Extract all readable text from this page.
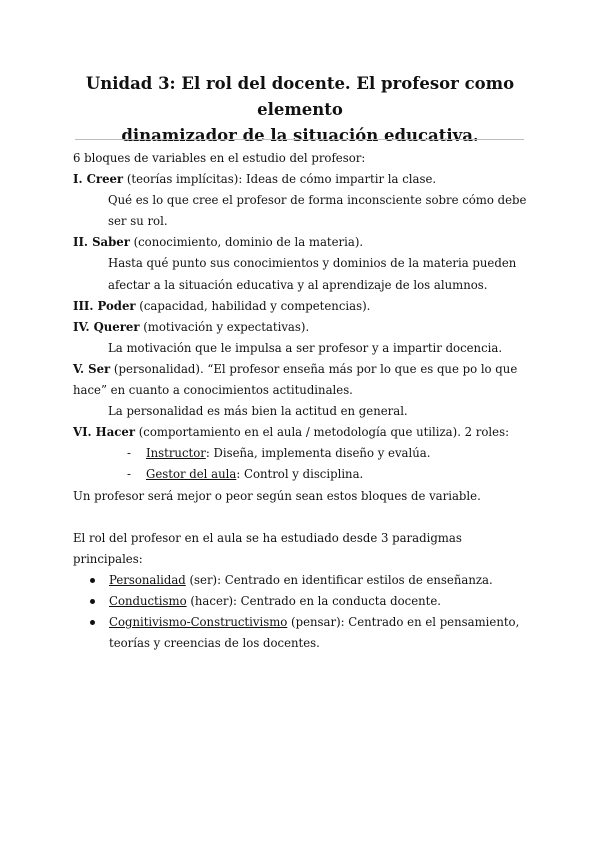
Unidad 3: El rol del docente. El profesor como elemento
dinamizador de la situación educativa.

6 bloques de variables en el estudio del profesor:

I. Creer (teorías implícitas): Ideas de cómo impartir la clase.

Qué es lo que cree el profesor de forma inconsciente sobre cómo debe ser su rol.

II. Saber (conocimiento, dominio de la materia).

Hasta qué punto sus conocimientos y dominios de la materia pueden afectar a la situación educativa y al aprendizaje de los alumnos.

III. Poder (capacidad, habilidad y competencias).

IV. Querer (motivación y expectativas).

La motivación que le impulsa a ser profesor y a impartir docencia.

V. Ser (personalidad). “El profesor enseña más por lo que es que po lo que hace” en cuanto a conocimientos actitudinales.

La personalidad es más bien la actitud en general.

VI. Hacer (comportamiento en el aula / metodología que utiliza). 2 roles:

- Instructor: Diseña, implementa diseño y evalúa.
- Gestor del aula: Control y disciplina.

Un profesor será mejor o peor según sean estos bloques de variable.

El rol del profesor en el aula se ha estudiado desde 3 paradigmas principales:

Personalidad (ser): Centrado en identificar estilos de enseñanza.
Conductismo (hacer): Centrado en la conducta docente.
Cognitivismo-Constructivismo (pensar): Centrado en el pensamiento, teorías y creencias de los docentes.
